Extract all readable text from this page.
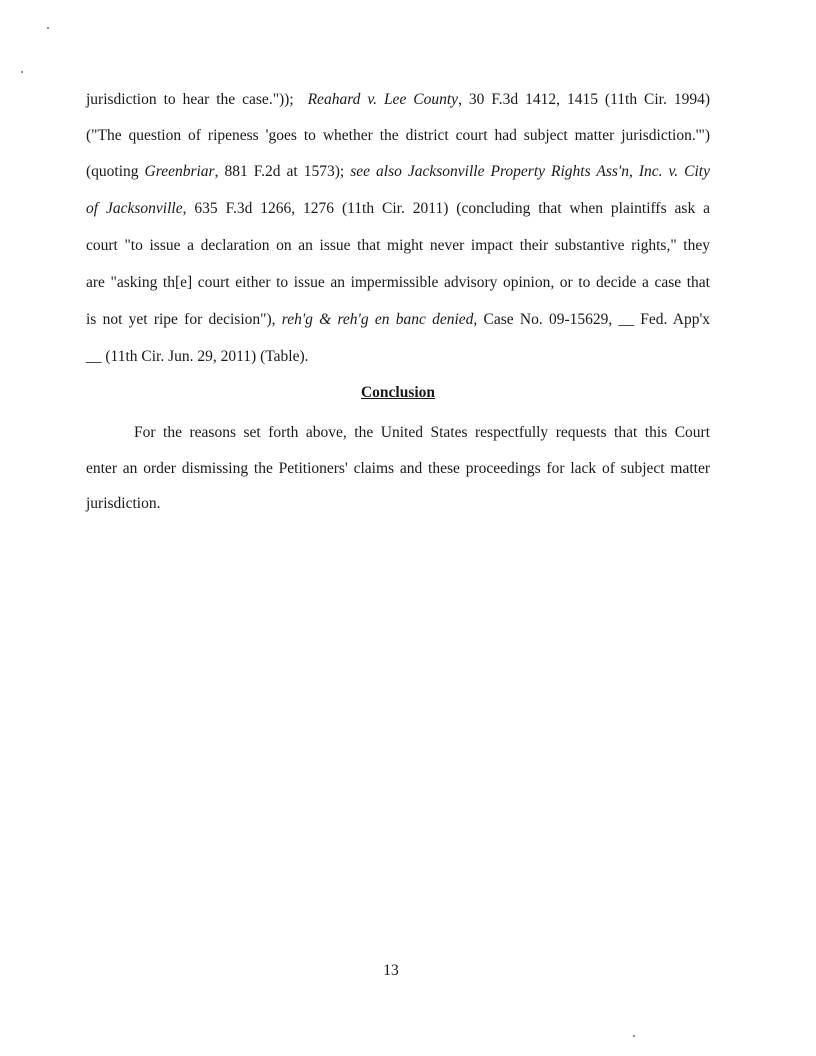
jurisdiction to hear the case."));  Reahard v. Lee County, 30 F.3d 1412, 1415 (11th Cir. 1994)
("The question of ripeness 'goes to whether the district court had subject matter jurisdiction.'")
(quoting Greenbriar, 881 F.2d at 1573); see also Jacksonville Property Rights Ass'n, Inc. v. City
of Jacksonville, 635 F.3d 1266, 1276 (11th Cir. 2011) (concluding that when plaintiffs ask a
court "to issue a declaration on an issue that might never impact their substantive rights," they
are "asking th[e] court either to issue an impermissible advisory opinion, or to decide a case that
is not yet ripe for decision"), reh'g & reh'g en banc denied, Case No. 09-15629, __ Fed. App'x
__ (11th Cir. Jun. 29, 2011) (Table).
Conclusion
For the reasons set forth above, the United States respectfully requests that this Court
enter an order dismissing the Petitioners' claims and these proceedings for lack of subject matter
jurisdiction.
13
